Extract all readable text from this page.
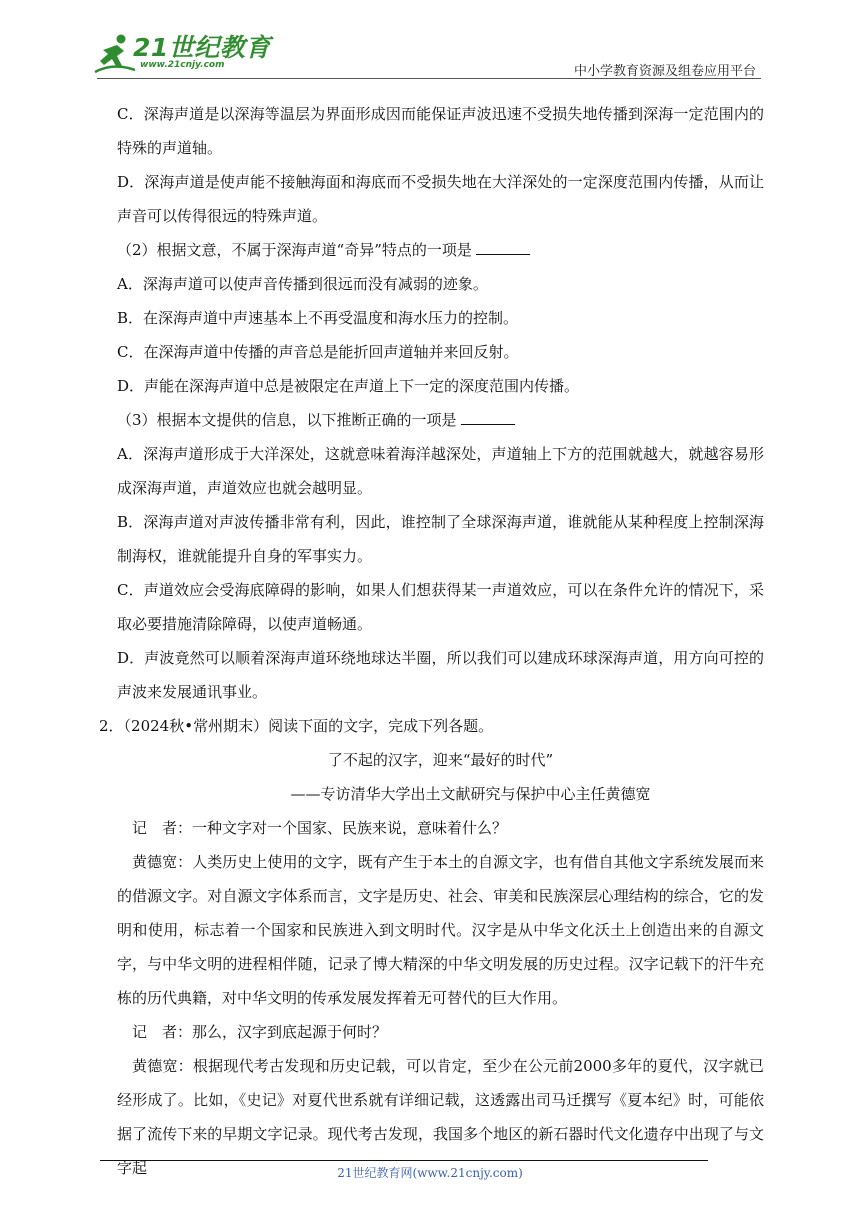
21世纪教育
www.21cnjy.com	中小学教育资源及组卷应用平台

C．深海声道是以深海等温层为界面形成因而能保证声波迅速不受损失地传播到深海一定范围内的特殊的声道轴。

D．深海声道是使声能不接触海面和海底而不受损失地在大洋深处的一定深度范围内传播，从而让声音可以传得很远的特殊声道。

（2）根据文意，不属于深海声道“奇异”特点的一项是

A．深海声道可以使声音传播到很远而没有减弱的迹象。

B．在深海声道中声速基本上不再受温度和海水压力的控制。

C．在深海声道中传播的声音总是能折回声道轴并来回反射。

D．声能在深海声道中总是被限定在声道上下一定的深度范围内传播。

（3）根据本文提供的信息，以下推断正确的一项是

A．深海声道形成于大洋深处，这就意味着海洋越深处，声道轴上下方的范围就越大，就越容易形成深海声道，声道效应也就会越明显。

B．深海声道对声波传播非常有利，因此，谁控制了全球深海声道，谁就能从某种程度上控制深海制海权，谁就能提升自身的军事实力。

C．声道效应会受海底障碍的影响，如果人们想获得某一声道效应，可以在条件允许的情况下，采取必要措施清除障碍，以使声道畅通。

D．声波竟然可以顺着深海声道环绕地球达半圈，所以我们可以建成环球深海声道，用方向可控的声波来发展通讯事业。

2．（2024秋•常州期末）阅读下面的文字，完成下列各题。

了不起的汉字，迎来“最好的时代”

——专访清华大学出土文献研究与保护中心主任黄德宽

记　者：一种文字对一个国家、民族来说，意味着什么？

黄德宽：人类历史上使用的文字，既有产生于本土的自源文字，也有借自其他文字系统发展而来的借源文字。对自源文字体系而言，文字是历史、社会、审美和民族深层心理结构的综合，它的发明和使用，标志着一个国家和民族进入到文明时代。汉字是从中华文化沃土上创造出来的自源文字，与中华文明的进程相伴随，记录了博大精深的中华文明发展的历史过程。汉字记载下的汗牛充栋的历代典籍，对中华文明的传承发展发挥着无可替代的巨大作用。

记　者：那么，汉字到底起源于何时？

黄德宽：根据现代考古发现和历史记载，可以肯定，至少在公元前2000多年的夏代，汉字就已经形成了。比如，《史记》对夏代世系就有详细记载，这透露出司马迁撰写《夏本纪》时，可能依据了流传下来的早期文字记录。现代考古发现，我国多个地区的新石器时代文化遗存中出现了与文字起	21世纪教育网(www.21cnjy.com)
